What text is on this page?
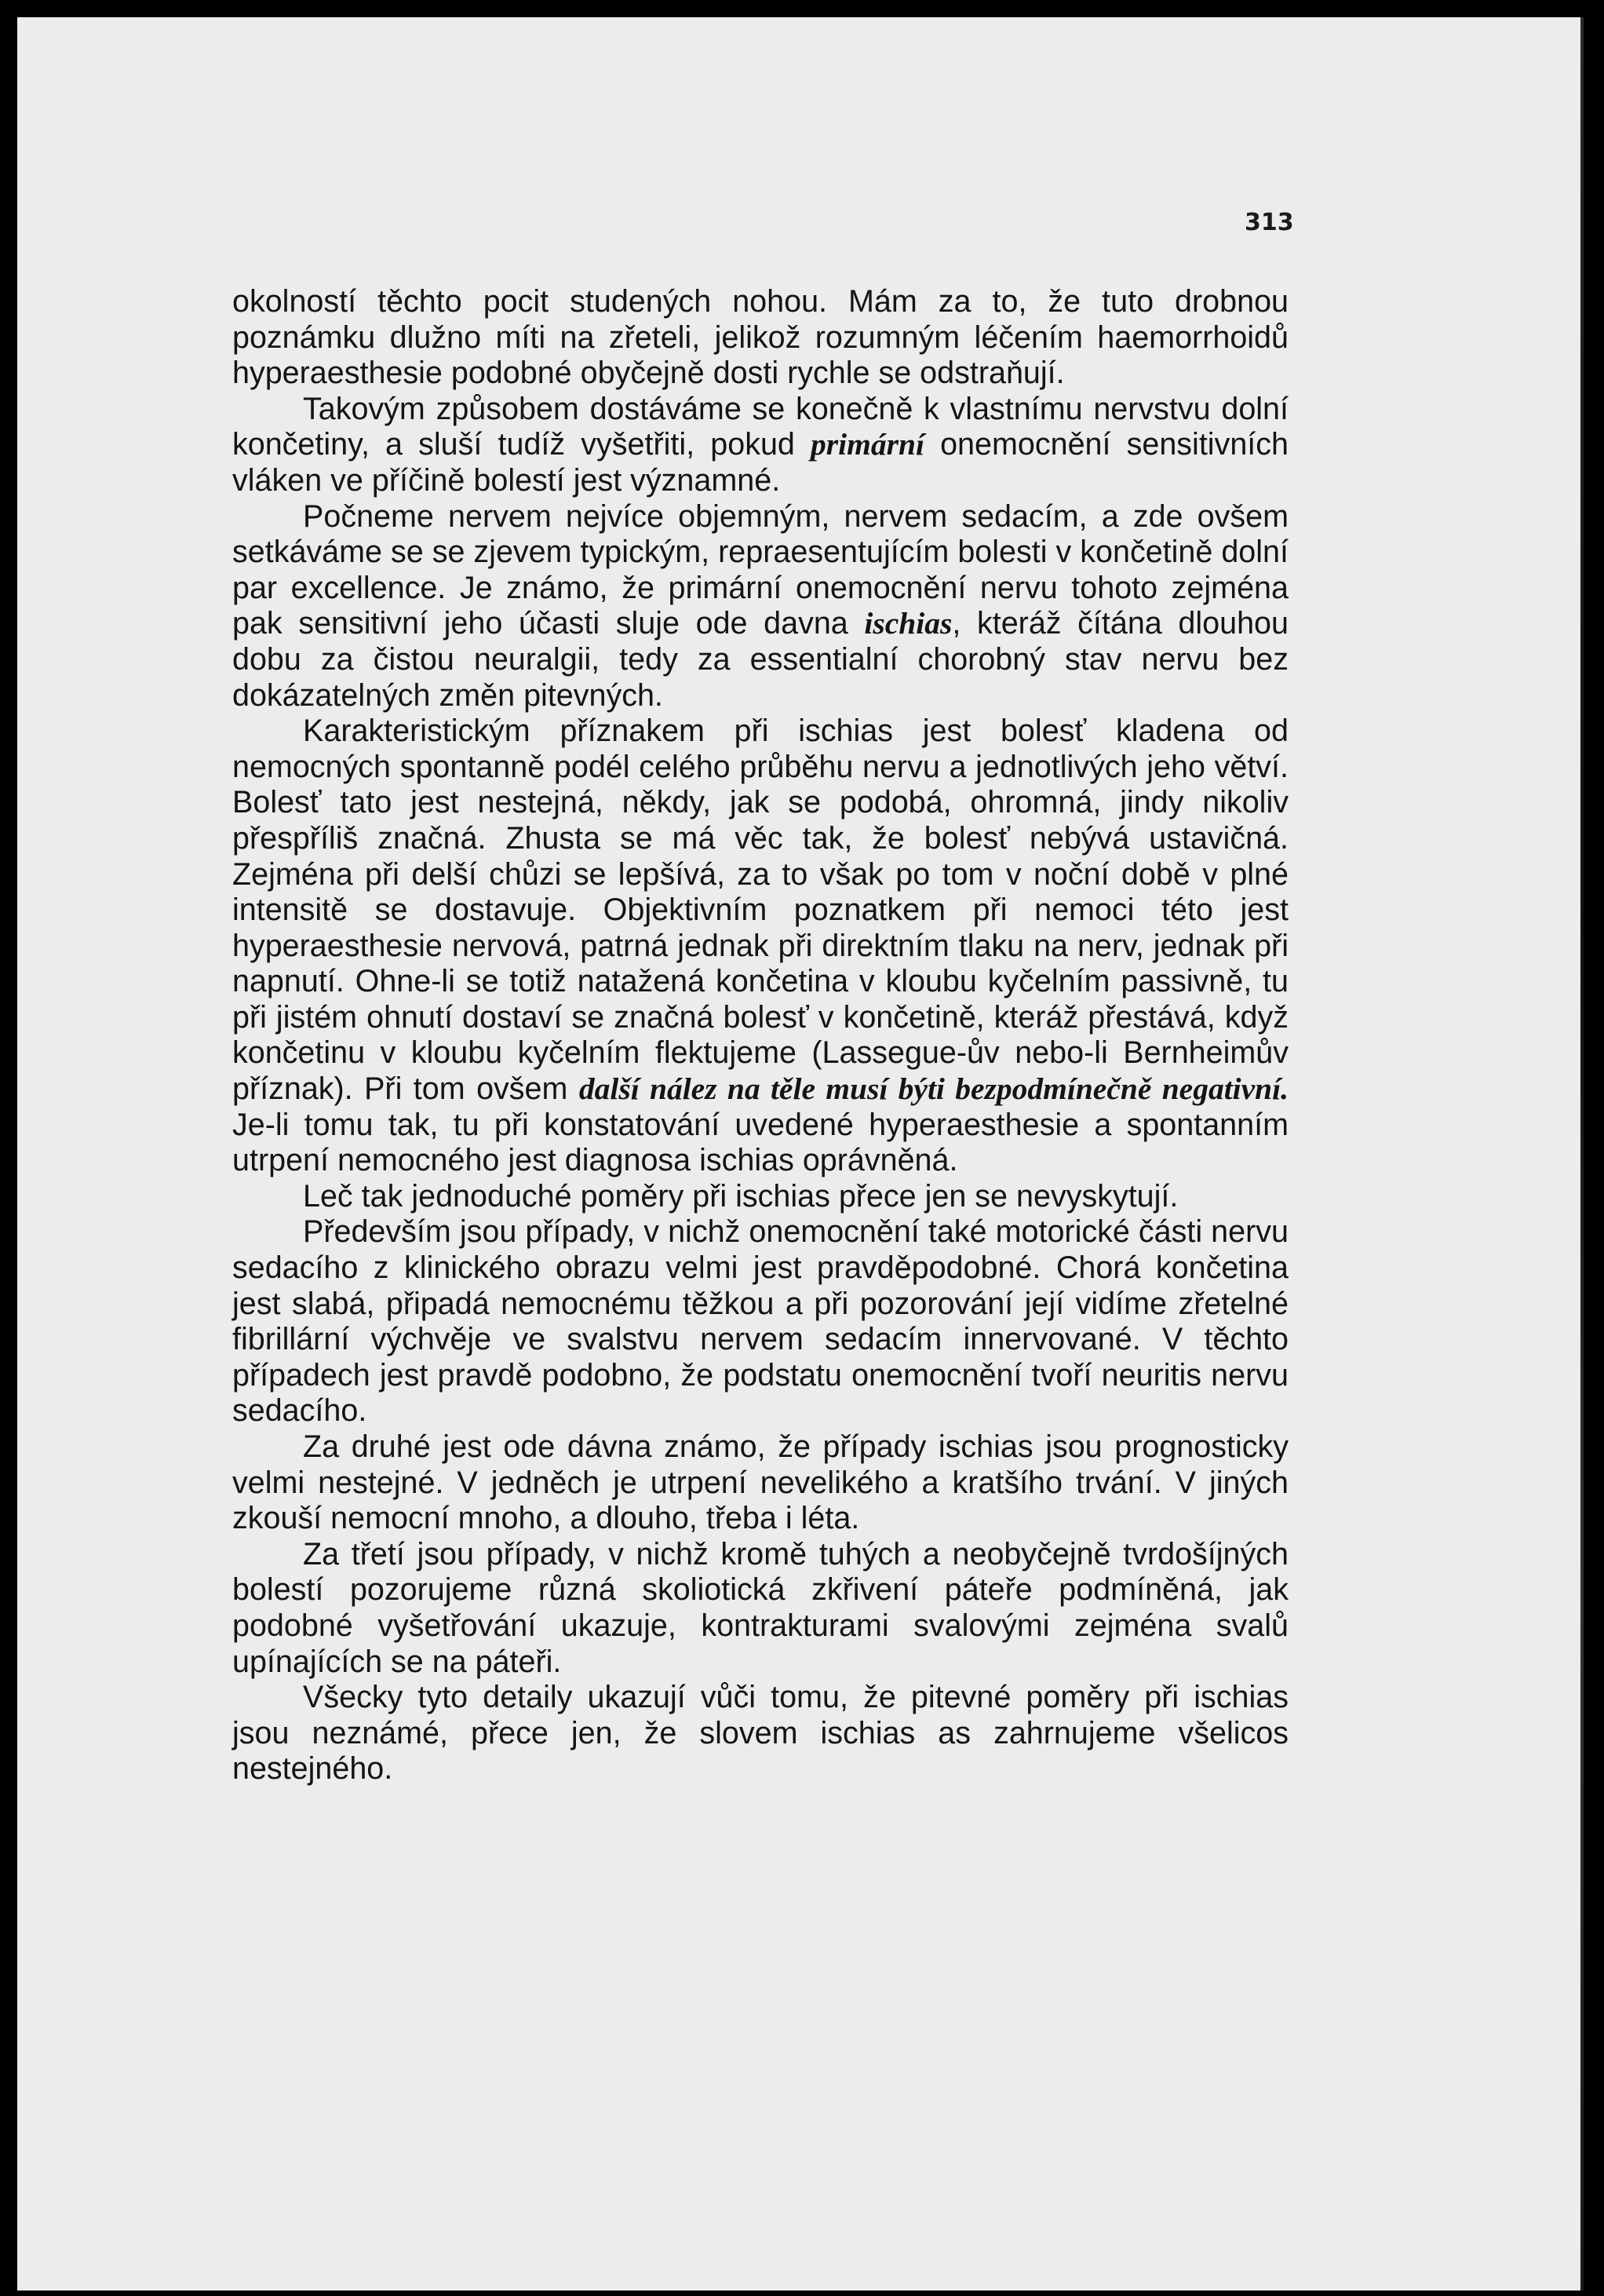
313

okolností těchto pocit studených nohou. Mám za to, že tuto drobnou poznámku dlužno míti na zřeteli, jelikož rozumným léčením haemorrhoidů hyperaesthesie podobné obyčejně dosti rychle se odstraňují.

Takovým způsobem dostáváme se konečně k vlastnímu nervstvu dolní končetiny, a sluší tudíž vyšetřiti, pokud primární onemocnění sensitivních vláken ve příčině bolestí jest významné.

Počneme nervem nejvíce objemným, nervem sedacím, a zde ovšem setkáváme se se zjevem typickým, repraesentujícím bolesti v končetině dolní par excellence. Je známo, že primární onemocnění nervu tohoto zejména pak sensitivní jeho účasti sluje ode davna ischias, kteráž čítána dlouhou dobu za čistou neuralgii, tedy za essentialní chorobný stav nervu bez dokázatelných změn pitevných.

Karakteristickým příznakem při ischias jest bolesť kladena od nemocných spontanně podél celého průběhu nervu a jednotlivých jeho větví. Bolesť tato jest nestejná, někdy, jak se podobá, ohromná, jindy nikoliv přespříliš značná. Zhusta se má věc tak, že bolesť nebývá ustavičná. Zejména při delší chůzi se lepšívá, za to však po tom v noční době v plné intensitě se dostavuje. Objektivním poznatkem při nemoci této jest hyperaesthesie nervová, patrná jednak při direktním tlaku na nerv, jednak při napnutí. Ohne-li se totiž natažená končetina v kloubu kyčelním passivně, tu při jistém ohnutí dostaví se značná bolesť v končetině, kteráž přestává, když končetinu v kloubu kyčelním flektujeme (Lassegue-ův nebo-li Bernheimův příznak). Při tom ovšem další nález na těle musí býti bezpodmínečně negativní. Je-li tomu tak, tu při konstatování uvedené hyperaesthesie a spontanním utrpení nemocného jest diagnosa ischias oprávněná.

Leč tak jednoduché poměry při ischias přece jen se nevyskytují.

Především jsou případy, v nichž onemocnění také motorické části nervu sedacího z klinického obrazu velmi jest pravděpodobné. Chorá končetina jest slabá, připadá nemocnému těžkou a při pozorování její vidíme zřetelné fibrillární výchvěje ve svalstvu nervem sedacím innervované. V těchto případech jest pravdě podobno, že podstatu onemocnění tvoří neuritis nervu sedacího.

Za druhé jest ode dávna známo, že případy ischias jsou prognosticky velmi nestejné. V jedněch je utrpení nevelikého a kratšího trvání. V jiných zkouší nemocní mnoho, a dlouho, třeba i léta.

Za třetí jsou případy, v nichž kromě tuhých a neobyčejně tvrdošíjných bolestí pozorujeme různá skoliotická zkřivení páteře podmíněná, jak podobné vyšetřování ukazuje, kontrakturami svalovými zejména svalů upínajících se na páteři.

Všecky tyto detaily ukazují vůči tomu, že pitevné poměry při ischias jsou neznámé, přece jen, že slovem ischias as zahrnujeme všelicos nestejného.
